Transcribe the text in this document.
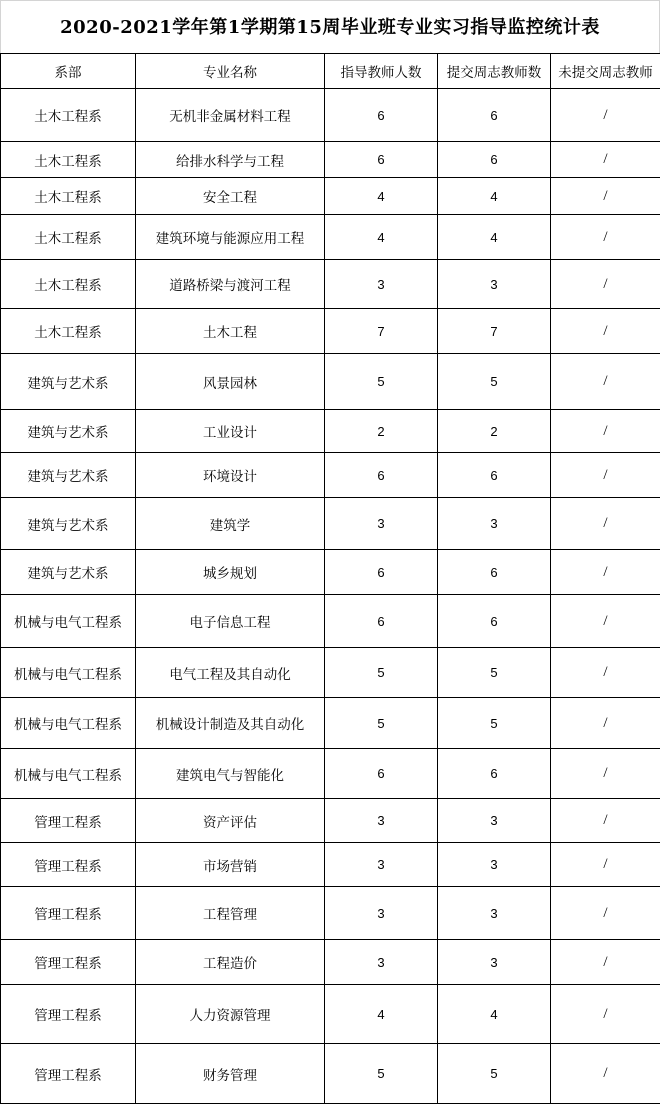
2020-2021学年第1学期第15周毕业班专业实习指导监控统计表
系部	专业名称	指导教师人数	提交周志教师数	未提交周志教师
土木工程系	无机非金属材料工程	6	6	/
土木工程系	给排水科学与工程	6	6	/
土木工程系	安全工程	4	4	/
土木工程系	建筑环境与能源应用工程	4	4	/
土木工程系	道路桥梁与渡河工程	3	3	/
土木工程系	土木工程	7	7	/
建筑与艺术系	风景园林	5	5	/
建筑与艺术系	工业设计	2	2	/
建筑与艺术系	环境设计	6	6	/
建筑与艺术系	建筑学	3	3	/
建筑与艺术系	城乡规划	6	6	/
机械与电气工程系	电子信息工程	6	6	/
机械与电气工程系	电气工程及其自动化	5	5	/
机械与电气工程系	机械设计制造及其自动化	5	5	/
机械与电气工程系	建筑电气与智能化	6	6	/
管理工程系	资产评估	3	3	/
管理工程系	市场营销	3	3	/
管理工程系	工程管理	3	3	/
管理工程系	工程造价	3	3	/
管理工程系	人力资源管理	4	4	/
管理工程系	财务管理	5	5	/
